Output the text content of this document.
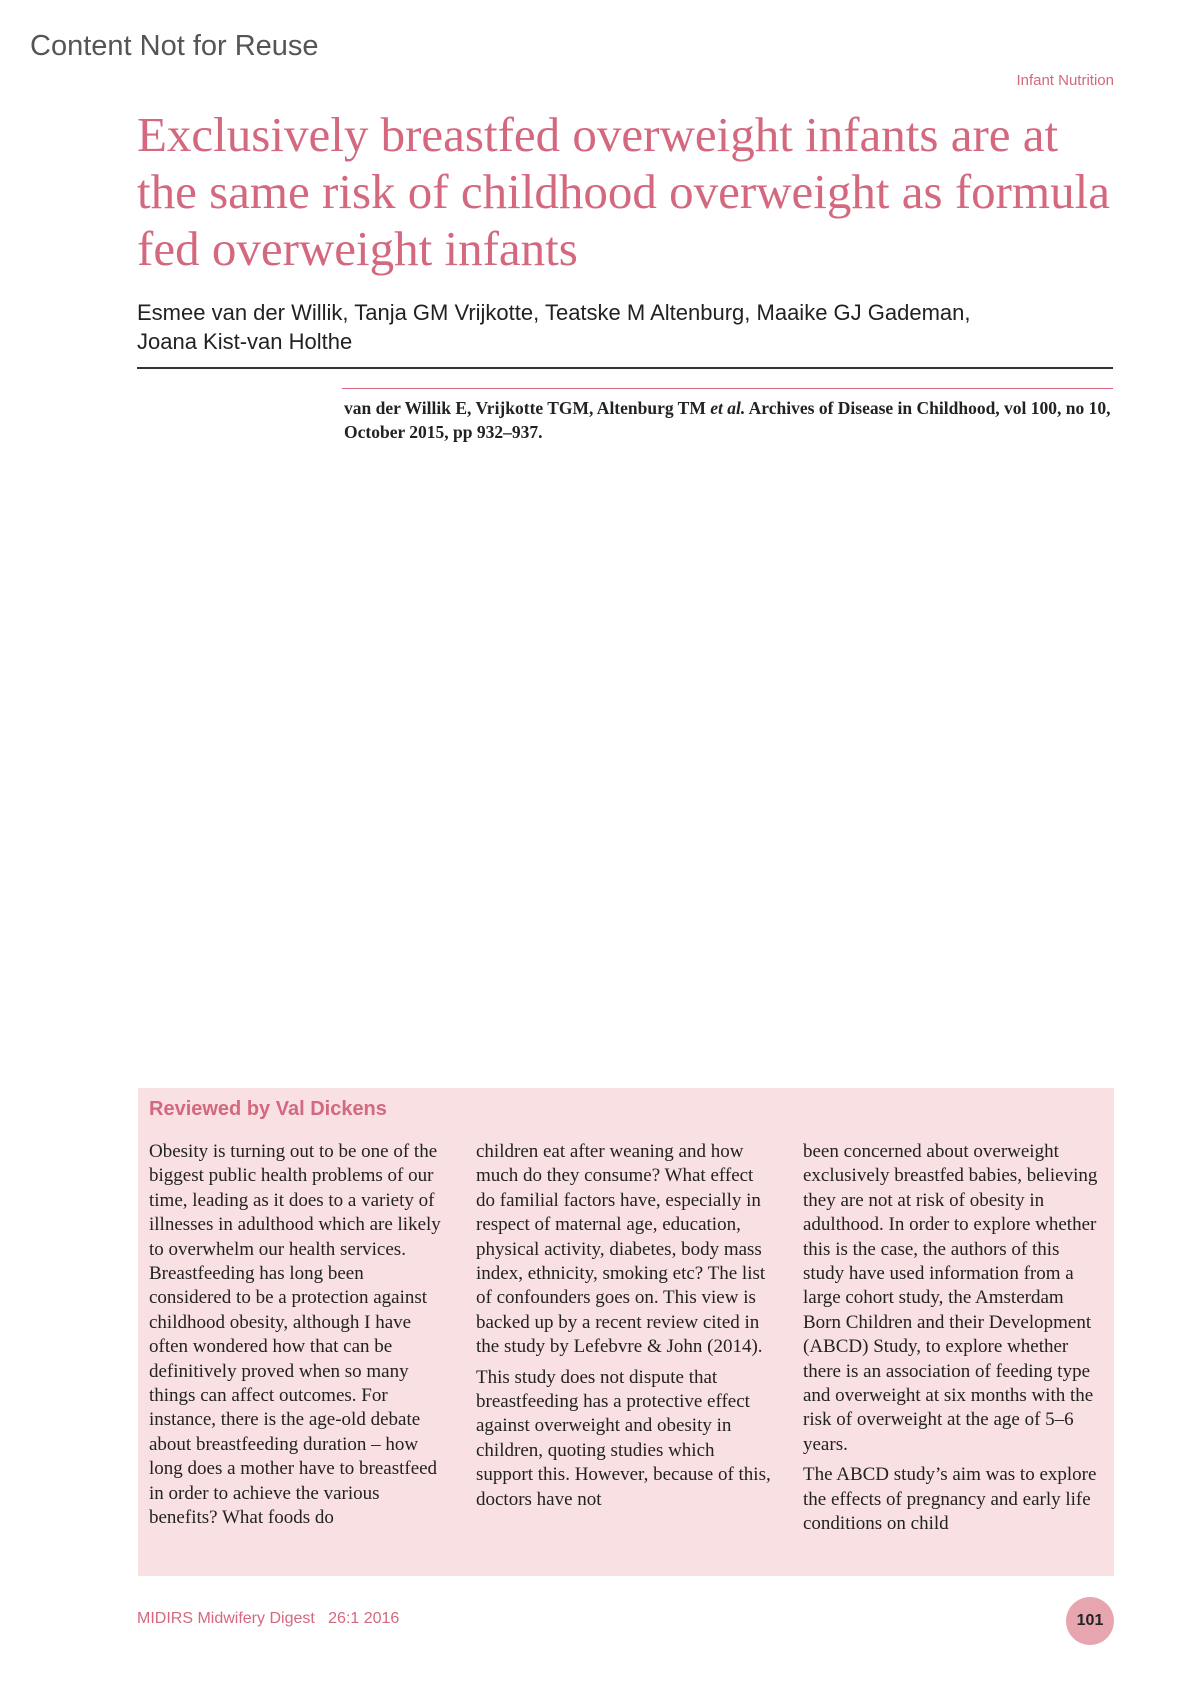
Content Not for Reuse
Infant Nutrition
Exclusively breastfed overweight infants are at the same risk of childhood overweight as formula fed overweight infants
Esmee van der Willik, Tanja GM Vrijkotte, Teatske M Altenburg, Maaike GJ Gademan,
Joana Kist-van Holthe
van der Willik E, Vrijkotte TGM, Altenburg TM et al. Archives of Disease in Childhood, vol 100, no 10, October 2015, pp 932–937.
Reviewed by Val Dickens

Obesity is turning out to be one of the biggest public health problems of our time, leading as it does to a variety of illnesses in adulthood which are likely to overwhelm our health services. Breastfeeding has long been considered to be a protection against childhood obesity, although I have often wondered how that can be definitively proved when so many things can affect outcomes. For instance, there is the age-old debate about breastfeeding duration – how long does a mother have to breastfeed in order to achieve the various benefits? What foods do

children eat after weaning and how much do they consume? What effect do familial factors have, especially in respect of maternal age, education, physical activity, diabetes, body mass index, ethnicity, smoking etc? The list of confounders goes on. This view is backed up by a recent review cited in the study by Lefebvre & John (2014).

This study does not dispute that breastfeeding has a protective effect against overweight and obesity in children, quoting studies which support this. However, because of this, doctors have not

been concerned about overweight exclusively breastfed babies, believing they are not at risk of obesity in adulthood. In order to explore whether this is the case, the authors of this study have used information from a large cohort study, the Amsterdam Born Children and their Development (ABCD) Study, to explore whether there is an association of feeding type and overweight at six months with the risk of overweight at the age of 5–6 years.

The ABCD study’s aim was to explore the effects of pregnancy and early life conditions on child

MIDIRS Midwifery Digest   26:1 2016	101
